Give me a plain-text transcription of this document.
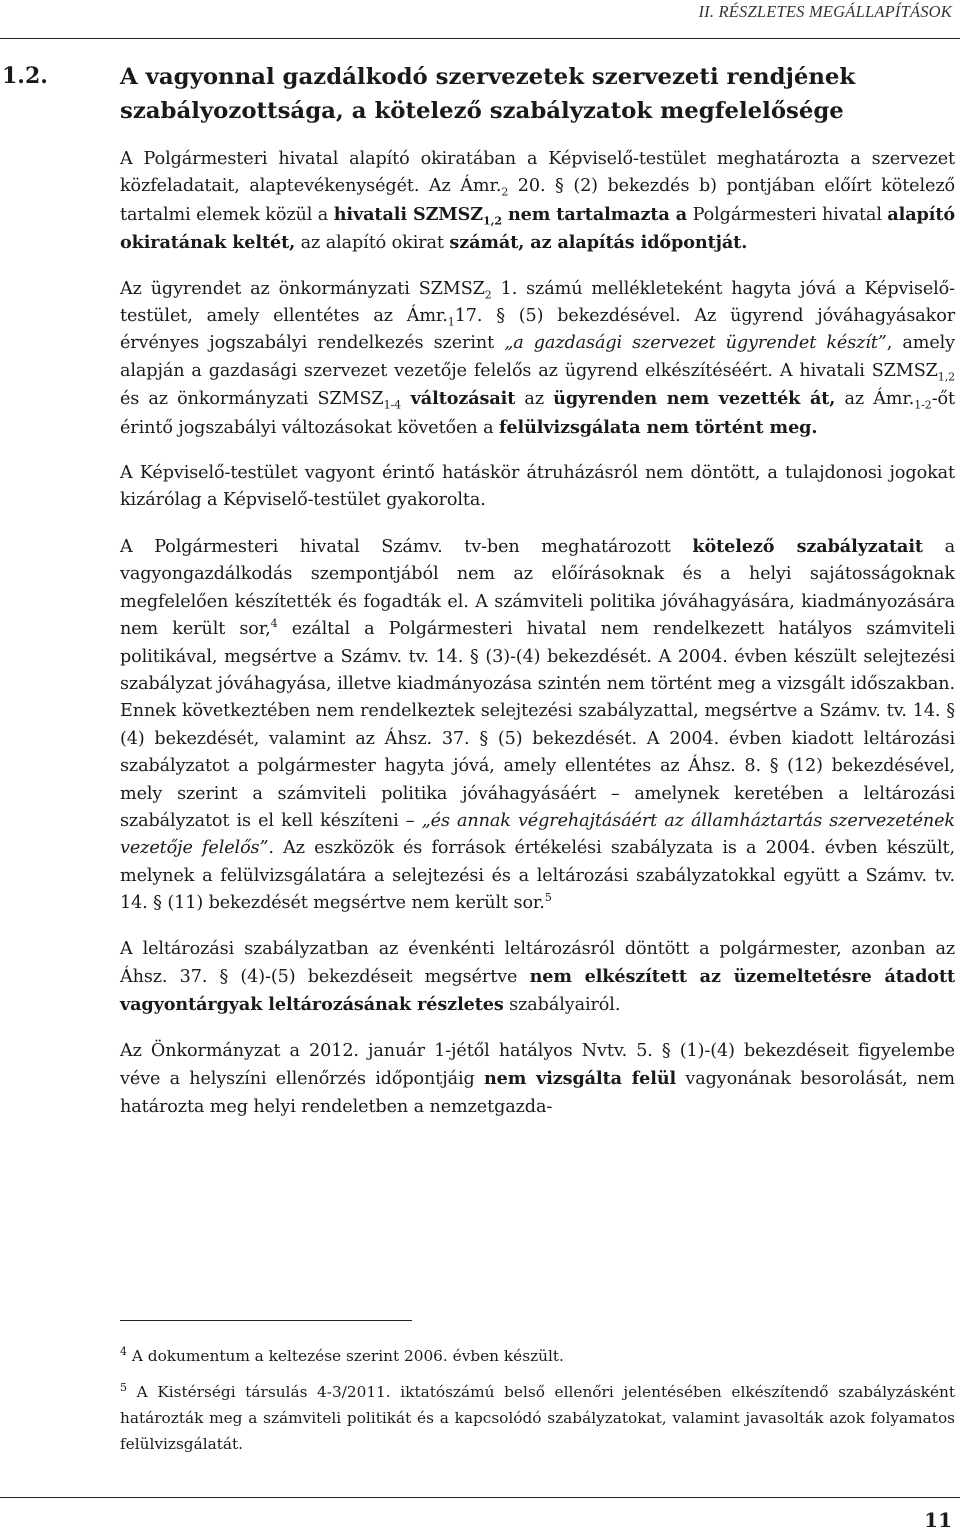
II. RÉSZLETES MEGÁLLAPÍTÁSOK
1.2.	A vagyonnal gazdálkodó szervezetek szervezeti rendjének
szabályozottsága, a kötelező szabályzatok megfelelősége

A Polgármesteri hivatal alapító okiratában a Képviselő-testület meghatározta a szervezet közfeladatait, alaptevékenységét. Az $Ámr._2$ 20. § (2) bekezdés b) pontjában előírt kötelező tartalmi elemek közül a hivatali $SZMSZ_{1,2}$ nem tartalmazta a Polgármesteri hivatal alapító okiratának keltét, az alapító okirat számát, az alapítás időpontját.

Az ügyrendet az önkormányzati $SZMSZ_2$ 1. számú mellékleteként hagyta jóvá a Képviselő-testület, amely ellentétes az $Ámr._117$. § (5) bekezdésével. Az ügyrend jóváhagyásakor érvényes jogszabályi rendelkezés szerint „a gazdasági szervezet ügyrendet készít”, amely alapján a gazdasági szervezet vezetője felelős az ügyrend elkészítéséért. A hivatali $SZMSZ_{1,2}$ és az önkormányzati $SZMSZ_{1-4}$ változásait az ügyrenden nem vezették át, az $Ámr._{1-2}-őt$ érintő jogszabályi változásokat követően a felülvizsgálata nem történt meg.

A Képviselő-testület vagyont érintő hatáskör átruházásról nem döntött, a tulajdonosi jogokat kizárólag a Képviselő-testület gyakorolta.

A Polgármesteri hivatal Számv. tv-ben meghatározott kötelező szabályzatait a vagyongazdálkodás szempontjából nem az előírásoknak és a helyi sajátosságoknak megfelelően készítették és fogadták el. A számviteli politika jóváhagyására, kiadmányozására nem került sor,$^4$ ezáltal a Polgármesteri hivatal nem rendelkezett hatályos számviteli politikával, megsértve a Számv. tv. 14. § (3)-(4) bekezdését. A 2004. évben készült selejtezési szabályzat jóváhagyása, illetve kiadmányozása szintén nem történt meg a vizsgált időszakban. Ennek következtében nem rendelkeztek selejtezési szabályzattal, megsértve a Számv. tv. 14. § (4) bekezdését, valamint az Áhsz. 37. § (5) bekezdését. A 2004. évben kiadott leltározási szabályzatot a polgármester hagyta jóvá, amely ellentétes az Áhsz. 8. § (12) bekezdésével, mely szerint a számviteli politika jóváhagyásáért – amelynek keretében a leltározási szabályzatot is el kell készíteni – „és annak végrehajtásáért az államháztartás szervezetének vezetője felelős”. Az eszközök és források értékelési szabályzata is a 2004. évben készült, melynek a felülvizsgálatára a selejtezési és a leltározási szabályzatokkal együtt a Számv. tv. 14. § (11) bekezdését megsértve nem került sor.$^5$

A leltározási szabályzatban az évenkénti leltározásról döntött a polgármester, azonban az Áhsz. 37. § (4)-(5) bekezdéseit megsértve nem elkészített az üzemeltetésre átadott vagyontárgyak leltározásának részletes szabályairól.

Az Önkormányzat a 2012. január 1-jétől hatályos Nvtv. 5. § (1)-(4) bekezdéseit figyelembe véve a helyszíni ellenőrzés időpontjáig nem vizsgálta felül vagyonának besorolását, nem határozta meg helyi rendeletben a nemzetgazda-

$^4$ A dokumentum a keltezése szerint 2006. évben készült.
$^5$ A Kistérségi társulás 4-3/2011. iktatószámú belső ellenőri jelentésében elkészítendő szabályzásként határozták meg a számviteli politikát és a kapcsolódó szabályzatokat, valamint javasolták azok folyamatos felülvizsgálatát.
11
